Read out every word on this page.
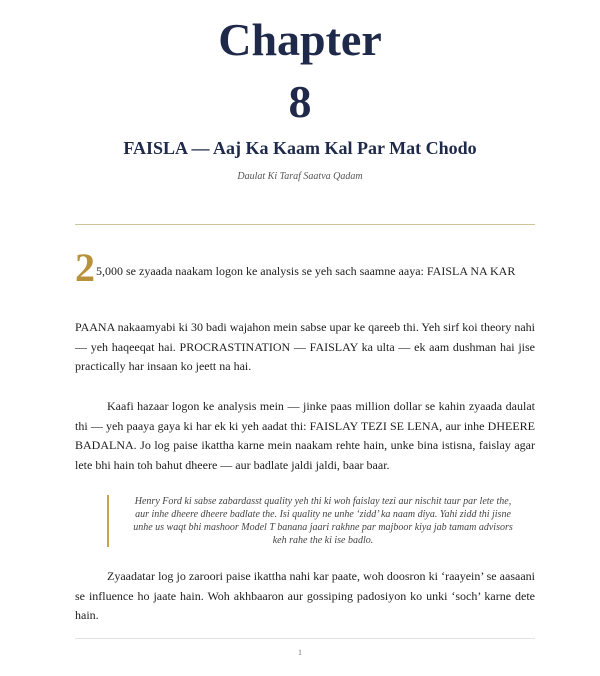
Chapter
8
FAISLA — Aaj Ka Kaam Kal Par Mat Chodo
Daulat Ki Taraf Saatva Qadam
25,000 se zyaada naakam logon ke analysis se yeh sach saamne aaya: FAISLA NA KAR
PAANA nakaamyabi ki 30 badi wajahon mein sabse upar ke qareeb thi. Yeh sirf koi theory nahi — yeh haqeeqat hai. PROCRASTINATION — FAISLAY ka ulta — ek aam dushman hai jise practically har insaan ko jeett na hai.
Kaafi hazaar logon ke analysis mein — jinke paas million dollar se kahin zyaada daulat thi — yeh paaya gaya ki har ek ki yeh aadat thi: FAISLAY TEZI SE LENA, aur inhe DHEERE BADALNA. Jo log paise ikattha karne mein naakam rehte hain, unke bina istisna, faislay agar lete bhi hain toh bahut dheere — aur badlate jaldi jaldi, baar baar.
Henry Ford ki sabse zabardasst quality yeh thi ki woh faislay tezi aur nischit taur par lete the, aur inhe dheere dheere badlate the. Isi quality ne unhe ‘zidd’ ka naam diya. Yahi zidd thi jisne unhe us waqt bhi mashoor Model T banana jaari rakhne par majboor kiya jab tamam advisors keh rahe the ki ise badlo.
Zyaadatar log jo zaroori paise ikattha nahi kar paate, woh doosron ki ‘raayein’ se aasaani se influence ho jaate hain. Woh akhbaaron aur gossiping padosiyon ko unki ‘soch’ karne dete hain.
1
